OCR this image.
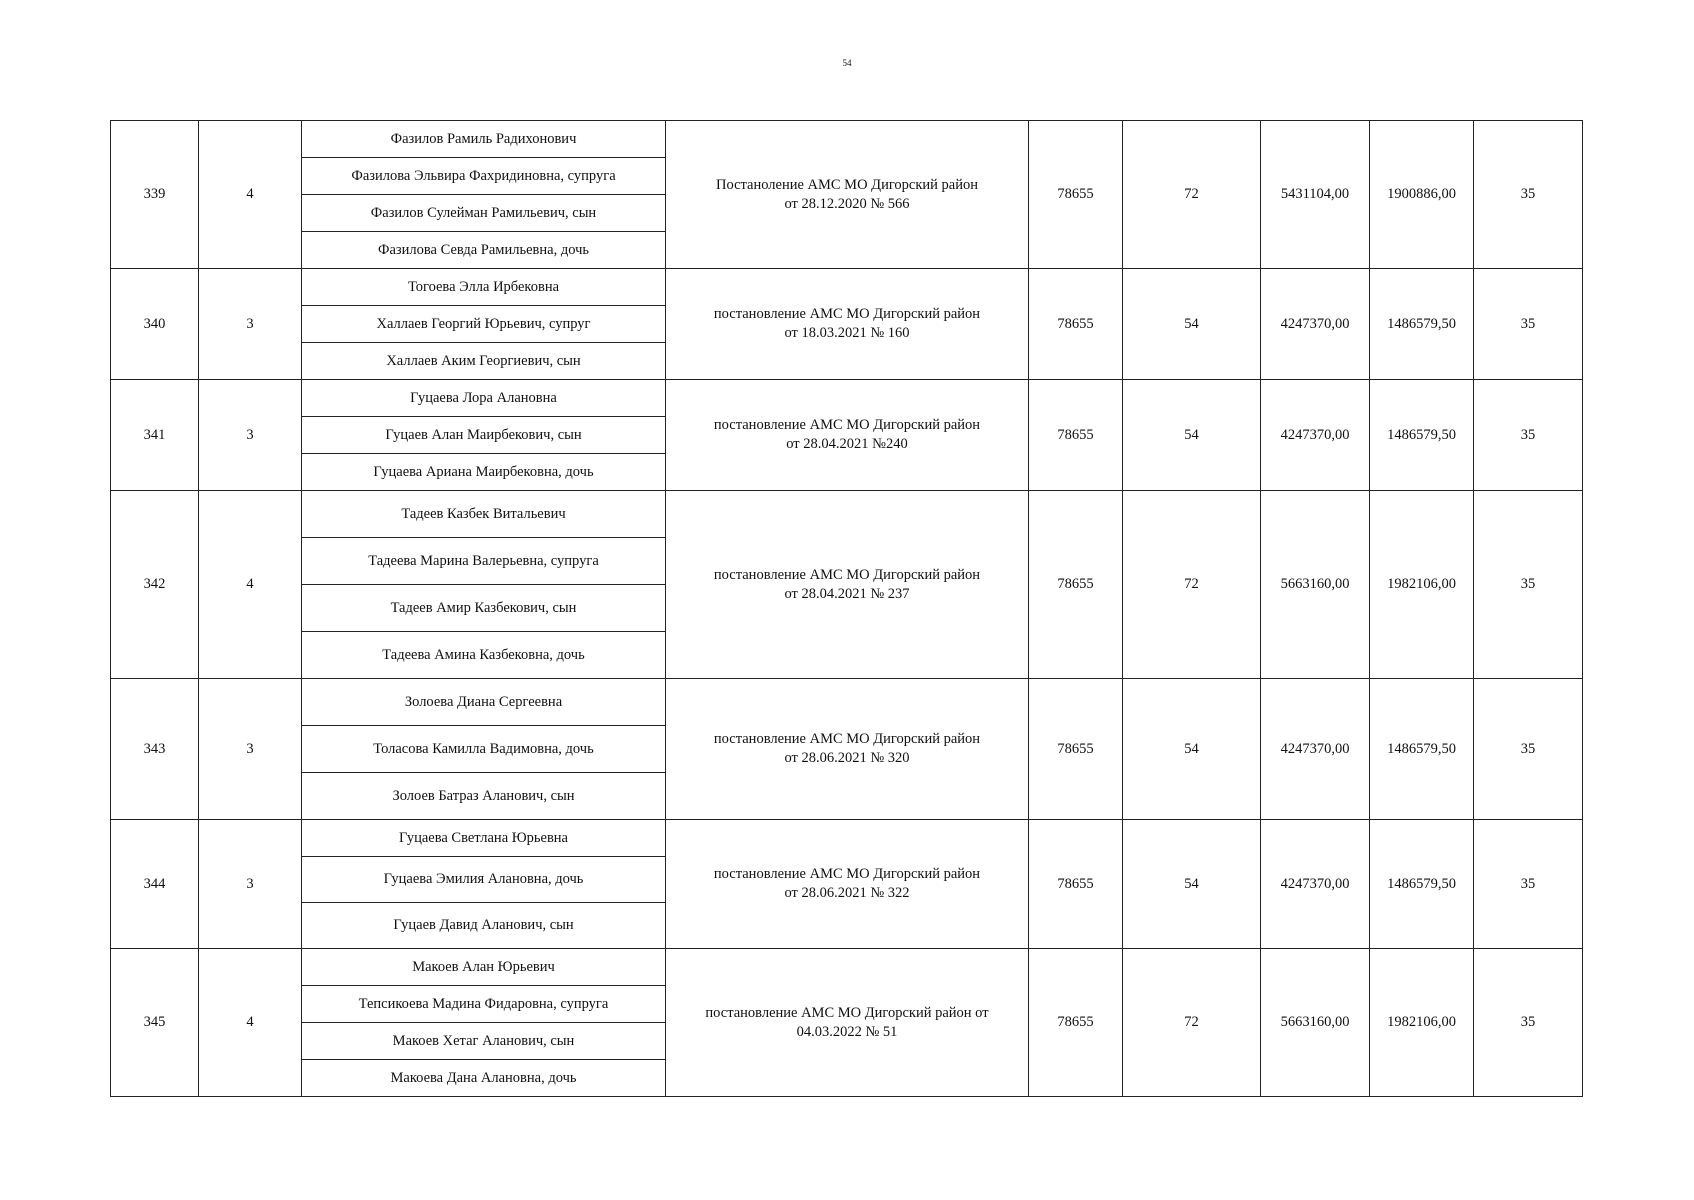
54
339	4	Фазилов Рамиль Радихонович	Постаноление АМС МО Дигорский район
от 28.12.2020 № 566	78655	72	5431104,00	1900886,00	35
		Фазилова Эльвира Фахридиновна, супруга						
		Фазилов Сулейман Рамильевич, сын						
		Фазилова Севда Рамильевна, дочь						
340	3	Тогоева Элла Ирбековна	постановление АМС МО Дигорский район
от 18.03.2021 № 160	78655	54	4247370,00	1486579,50	35
		Халлаев Георгий Юрьевич, супруг						
		Халлаев Аким Георгиевич, сын						
341	3	Гуцаева Лора Алановна	постановление АМС МО Дигорский район
от 28.04.2021 №240	78655	54	4247370,00	1486579,50	35
		Гуцаев Алан Маирбекович, сын						
		Гуцаева Ариана Маирбековна, дочь						
342	4	Тадеев Казбек Витальевич	постановление АМС МО Дигорский район
от 28.04.2021 № 237	78655	72	5663160,00	1982106,00	35
		Тадеева Марина Валерьевна, супруга						
		Тадеев Амир Казбекович, сын						
		Тадеева Амина Казбековна, дочь						
343	3	Золоева Диана Сергеевна	постановление АМС МО Дигорский район
от 28.06.2021 № 320	78655	54	4247370,00	1486579,50	35
		Толасова Камилла Вадимовна, дочь						
		Золоев Батраз Аланович, сын						
344	3	Гуцаева Светлана Юрьевна	постановление АМС МО Дигорский район
от 28.06.2021 № 322	78655	54	4247370,00	1486579,50	35
		Гуцаева Эмилия Алановна, дочь						
		Гуцаев Давид Аланович, сын						
345	4	Макоев Алан Юрьевич	постановление АМС МО Дигорский район от
04.03.2022 № 51	78655	72	5663160,00	1982106,00	35
		Тепсикоева Мадина Фидаровна, супруга						
		Макоев Хетаг Аланович, сын						
		Макоева Дана Алановна, дочь						
